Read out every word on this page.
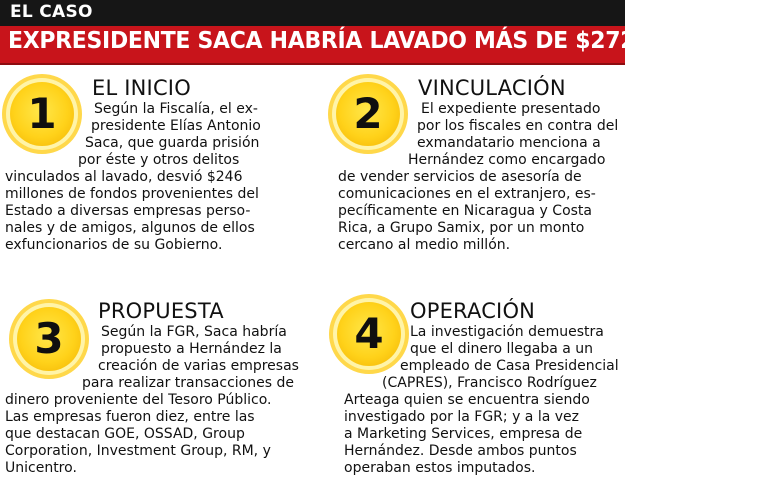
EL CASO
EXPRESIDENTE SACA HABRÍA LAVADO MÁS DE $272 MILLONES
1
EL INICIO
Según la Fiscalía, el ex-
presidente Elías Antonio
Saca, que guarda prisión
por éste y otros delitos
vinculados al lavado, desvió $246
millones de fondos provenientes del
Estado a diversas empresas perso-
nales y de amigos, algunos de ellos
exfuncionarios de su Gobierno.
2
VINCULACIÓN
El expediente presentado
por los fiscales en contra del
exmandatario menciona a
Hernández como encargado
de vender servicios de asesoría de
comunicaciones en el extranjero, es-
pecíficamente en Nicaragua y Costa
Rica, a Grupo Samix, por un monto
cercano al medio millón.
3
PROPUESTA
Según la FGR, Saca habría
propuesto a Hernández la
creación de varias empresas
para realizar transacciones de
dinero proveniente del Tesoro Público.
Las empresas fueron diez, entre las
que destacan GOE, OSSAD, Group
Corporation, Investment Group, RM, y
Unicentro.
4	OPERACIÓN
La investigación demuestra
que el dinero llegaba a un
empleado de Casa Presidencial
(CAPRES), Francisco Rodríguez
Arteaga quien se encuentra siendo
investigado por la FGR; y a la vez
a Marketing Services, empresa de
Hernández. Desde ambos puntos
operaban estos imputados.
